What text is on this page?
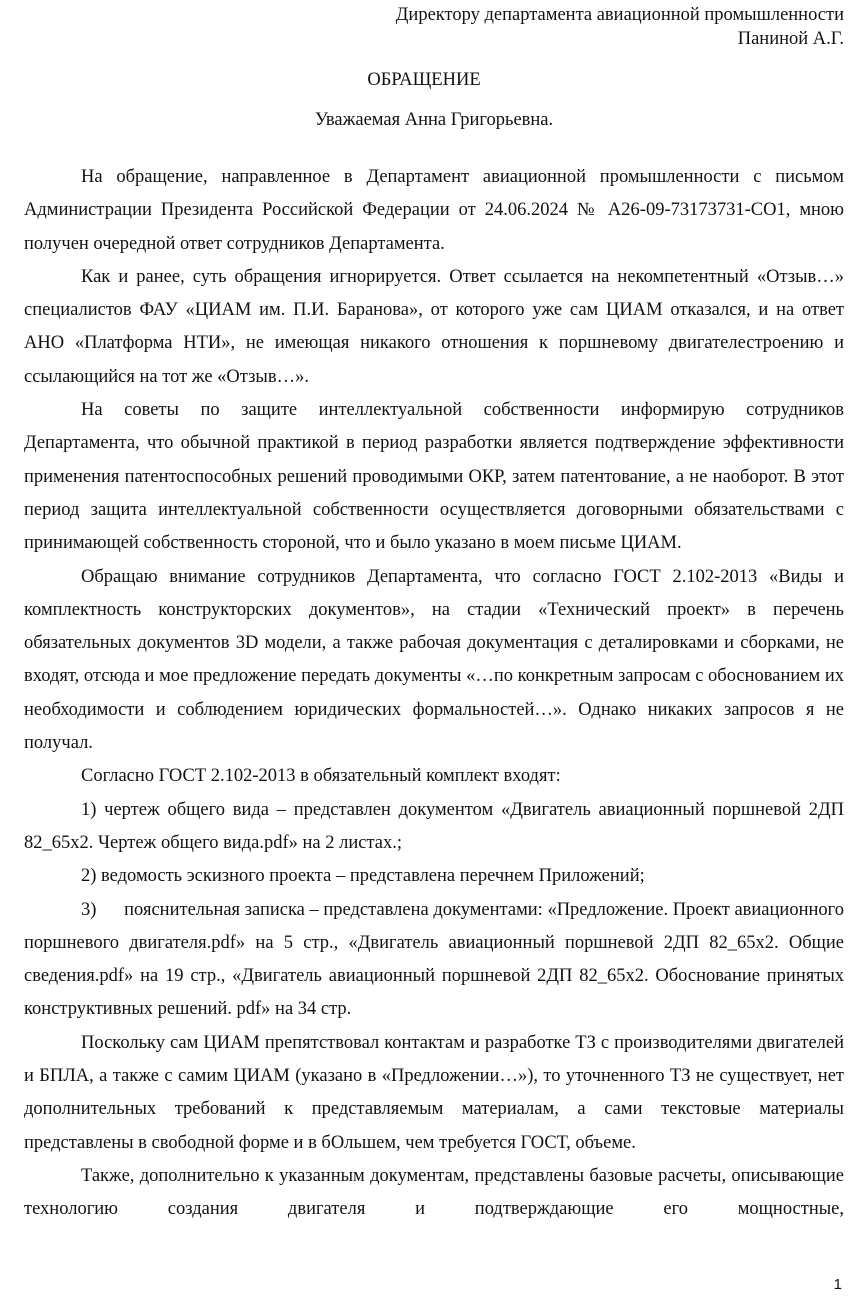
Директору департамента авиационной промышленности
Паниной А.Г.
ОБРАЩЕНИЕ
Уважаемая Анна Григорьевна.

На обращение, направленное в Департамент авиационной промышленности с письмом Администрации Президента Российской Федерации от 24.06.2024 № А26-09-73173731-СО1, мною получен очередной ответ сотрудников Департамента.

Как и ранее, суть обращения игнорируется. Ответ ссылается на некомпетентный «Отзыв…» специалистов ФАУ «ЦИАМ им. П.И. Баранова», от которого уже сам ЦИАМ отказался, и на ответ АНО «Платформа НТИ», не имеющая никакого отношения к поршневому двигателестроению и ссылающийся на тот же «Отзыв…».

На советы по защите интеллектуальной собственности информирую сотрудников Департамента, что обычной практикой в период разработки является подтверждение эффективности применения патентоспособных решений проводимыми ОКР, затем патентование, а не наоборот. В этот период защита интеллектуальной собственности осуществляется договорными обязательствами с принимающей собственность стороной, что и было указано в моем письме ЦИАМ.

Обращаю внимание сотрудников Департамента, что согласно ГОСТ 2.102-2013 «Виды и комплектность конструкторских документов», на стадии «Технический проект» в перечень обязательных документов 3D модели, а также рабочая документация с деталировками и сборками, не входят, отсюда и мое предложение передать документы «…по конкретным запросам с обоснованием их необходимости и соблюдением юридических формальностей…». Однако никаких запросов я не получал.

Согласно ГОСТ 2.102-2013 в обязательный комплект входят:

1) чертеж общего вида – представлен документом «Двигатель авиационный поршневой 2ДП 82_65х2. Чертеж общего вида.pdf» на 2 листах.;

2) ведомость эскизного проекта – представлена перечнем Приложений;

3)      пояснительная записка – представлена документами: «Предложение. Проект авиационного поршневого двигателя.pdf» на 5 стр., «Двигатель авиационный поршневой 2ДП 82_65х2. Общие сведения.pdf» на 19 стр., «Двигатель авиационный поршневой 2ДП 82_65х2. Обоснование принятых конструктивных решений. pdf» на 34 стр.

Поскольку сам ЦИАМ препятствовал контактам и разработке ТЗ с производителями двигателей и БПЛА, а также с самим ЦИАМ (указано в «Предложении…»), то уточненного ТЗ не существует, нет дополнительных требований к представляемым материалам, а сами текстовые материалы представлены в свободной форме и в бОльшем, чем требуется ГОСТ, объеме.

Также, дополнительно к указанным документам, представлены базовые расчеты, описывающие технологию создания двигателя и подтверждающие его мощностные,

1
